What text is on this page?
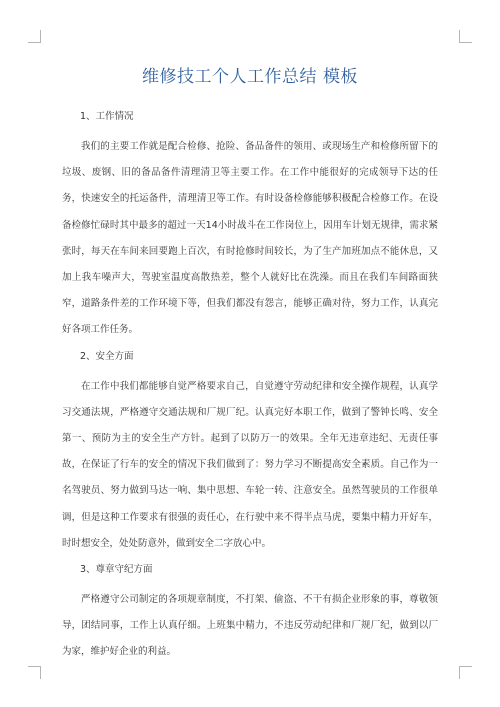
维修技工个人工作总结 模板
1、工作情况

我们的主要工作就是配合检修、抢险、备品备件的领用、或现场生产和检修所留下的垃圾、废钢、旧的备品备件清理清卫等主要工作。在工作中能很好的完成领导下达的任务，快速安全的托运备件，清理清卫等工作。有时设备检修能够积极配合检修工作。在设备检修忙碌时其中最多的超过一天14小时战斗在工作岗位上，因用车计划无规律，需求紧张时，每天在车间来回要跑上百次，有时抢修时间较长，为了生产加班加点不能休息，又加上我车噪声大，驾驶室温度高散热差，整个人就好比在洗澡。而且在我们车间路面狭窄，道路条件差的工作环境下等，但我们都没有怨言，能够正确对待，努力工作，认真完好各项工作任务。

2、安全方面

在工作中我们都能够自觉严格要求自己，自觉遵守劳动纪律和安全操作规程，认真学习交通法规，严格遵守交通法规和厂规厂纪。认真完好本职工作，做到了警钟长鸣、安全第一、预防为主的安全生产方针。起到了以防万一的效果。全年无违章违纪、无责任事故，在保证了行车的安全的情况下我们做到了：努力学习不断提高安全素质。自己作为一名驾驶员、努力做到马达一响、集中思想、车轮一转、注意安全。虽然驾驶员的工作很单调，但是这种工作要求有很强的责任心，在行驶中来不得半点马虎，要集中精力开好车，时时想安全，处处防意外，做到安全二字放心中。

3、尊章守纪方面

严格遵守公司制定的各项规章制度，不打架、偷盗、不干有损企业形象的事，尊敬领导，团结同事，工作上认真仔细。上班集中精力，不违反劳动纪律和厂规厂纪，做到以厂为家，维护好企业的利益。
